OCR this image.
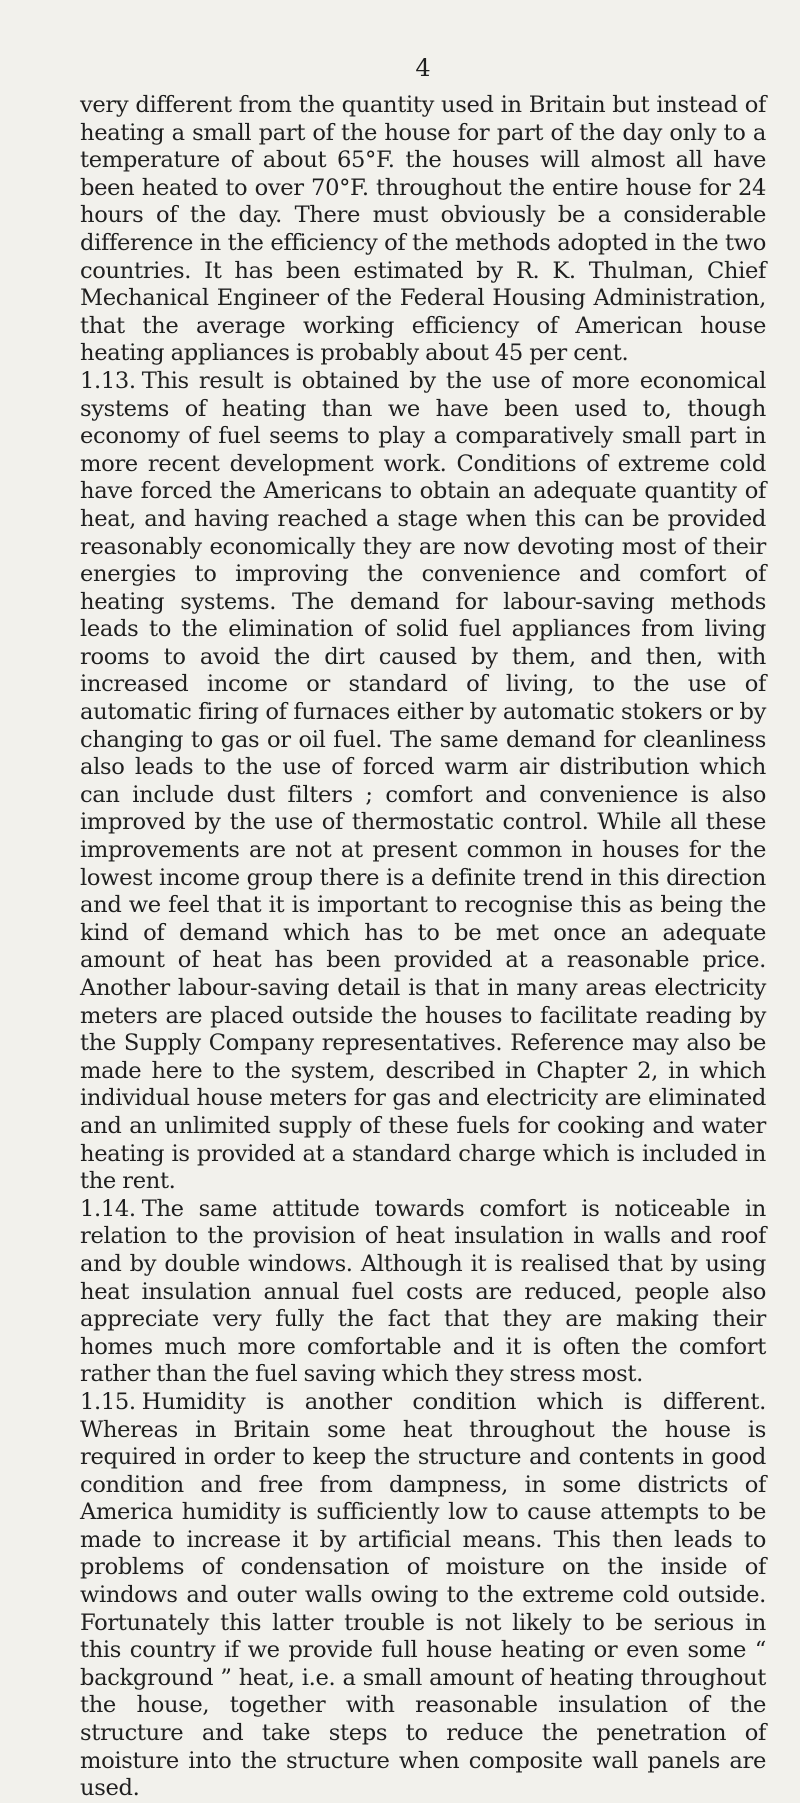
4

very different from the quantity used in Britain but instead of heating a small part of the house for part of the day only to a temperature of about 65°F. the houses will almost all have been heated to over 70°F. throughout the entire house for 24 hours of the day. There must obviously be a considerable difference in the efficiency of the methods adopted in the two countries. It has been estimated by R. K. Thulman, Chief Mechanical Engineer of the Federal Housing Administration, that the average working efficiency of American house heating appliances is probably about 45 per cent.

1.13. This result is obtained by the use of more economical systems of heating than we have been used to, though economy of fuel seems to play a comparatively small part in more recent development work. Conditions of extreme cold have forced the Americans to obtain an adequate quantity of heat, and having reached a stage when this can be provided reasonably economically they are now devoting most of their energies to improving the convenience and comfort of heating systems. The demand for labour-saving methods leads to the elimination of solid fuel appliances from living rooms to avoid the dirt caused by them, and then, with increased income or standard of living, to the use of automatic firing of furnaces either by automatic stokers or by changing to gas or oil fuel. The same demand for cleanliness also leads to the use of forced warm air distribution which can include dust filters ; comfort and convenience is also improved by the use of thermostatic control. While all these improvements are not at present common in houses for the lowest income group there is a definite trend in this direction and we feel that it is important to recognise this as being the kind of demand which has to be met once an adequate amount of heat has been provided at a reasonable price. Another labour-saving detail is that in many areas electricity meters are placed outside the houses to facilitate reading by the Supply Company representatives. Reference may also be made here to the system, described in Chapter 2, in which individual house meters for gas and electricity are eliminated and an unlimited supply of these fuels for cooking and water heating is provided at a standard charge which is included in the rent.

1.14. The same attitude towards comfort is noticeable in relation to the provision of heat insulation in walls and roof and by double windows. Although it is realised that by using heat insulation annual fuel costs are reduced, people also appreciate very fully the fact that they are making their homes much more comfortable and it is often the comfort rather than the fuel saving which they stress most.

1.15. Humidity is another condition which is different. Whereas in Britain some heat throughout the house is required in order to keep the structure and contents in good condition and free from dampness, in some districts of America humidity is sufficiently low to cause attempts to be made to increase it by artificial means. This then leads to problems of condensation of moisture on the inside of windows and outer walls owing to the extreme cold outside. Fortunately this latter trouble is not likely to be serious in this country if we provide full house heating or even some “ background ” heat, i.e. a small amount of heating throughout the house, together with reasonable insulation of the structure and take steps to reduce the penetration of moisture into the structure when composite wall panels are used.
